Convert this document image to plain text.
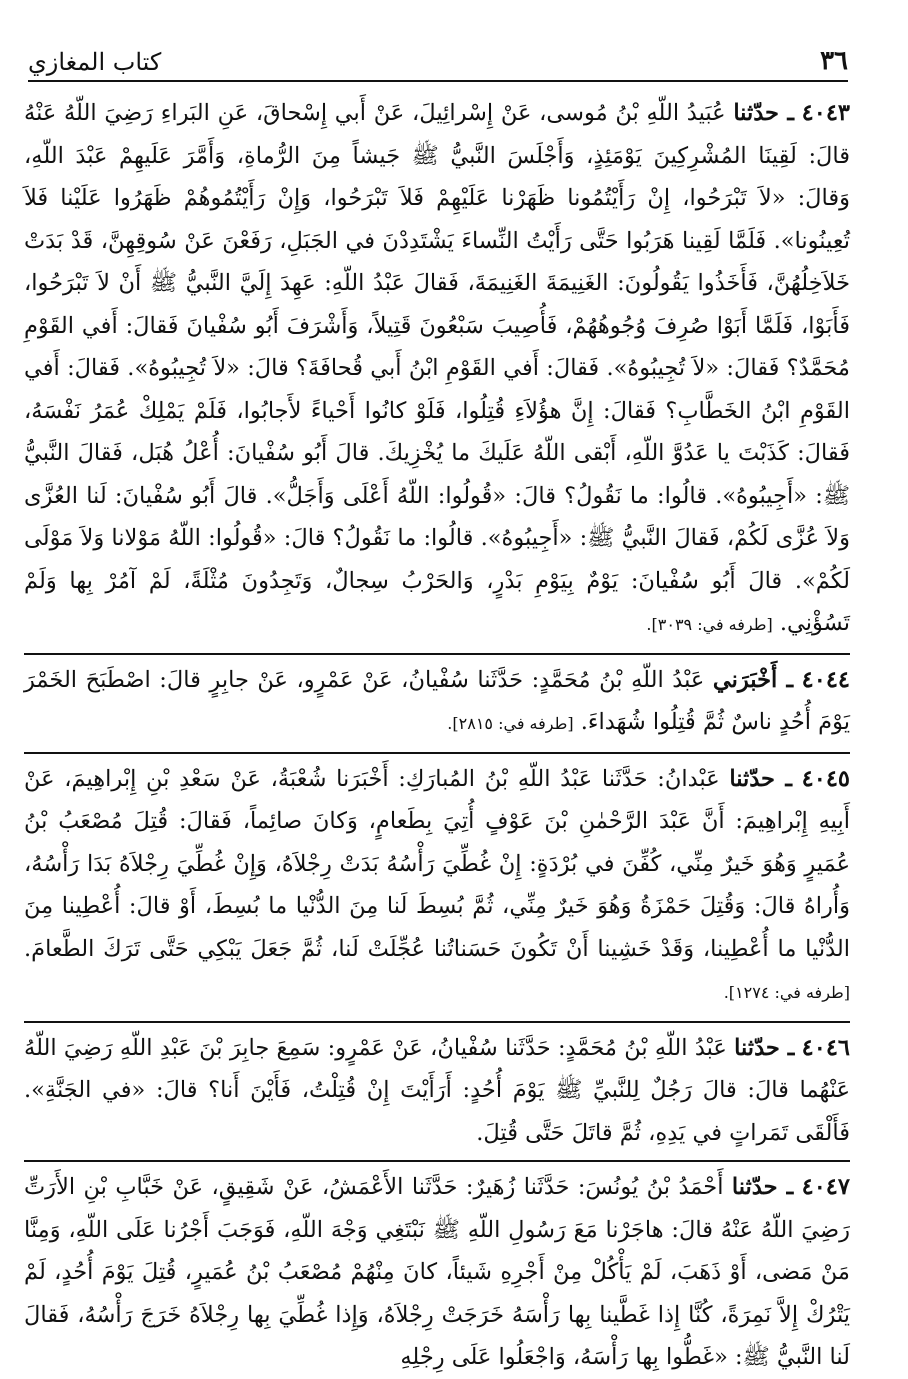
٣٦
كتاب المغازي

٤٠٤٣ ـ حدّثنا عُبَيدُ اللّهِ بْنُ مُوسى، عَنْ إِسْرائِيلَ، عَنْ أَبي إِسْحاقَ، عَنِ البَراءِ رَضِيَ اللّهُ عَنْهُ قالَ: لَقِينَا المُشْرِكِينَ يَوْمَئِذٍ، وَأَجْلَسَ النَّبيُّ ﷺ جَيشاً مِنَ الرُّماةِ، وَأَمَّرَ عَلَيهِمْ عَبْدَ اللّهِ، وَقالَ: «لاَ تَبْرَحُوا، إِنْ رَأَيْتُمُونا ظَهَرْنا عَلَيْهِمْ فَلاَ تَبْرَحُوا، وَإِنْ رَأَيْتُمُوهُمْ ظَهَرُوا عَلَيْنا فَلاَ تُعِينُونا». فَلَمَّا لَقِينا هَرَبُوا حَتَّى رَأَيْتُ النِّساءَ يَشْتَدِدْنَ في الجَبَلِ، رَفَعْنَ عَنْ سُوقِهِنَّ، قَدْ بَدَتْ خَلاَخِلُهُنَّ، فَأَخَذُوا يَقُولُونَ: الغَنِيمَةَ الغَنِيمَةَ، فَقالَ عَبْدُ اللّهِ: عَهِدَ إِلَيَّ النَّبيُّ ﷺ أَنْ لاَ تَبْرَحُوا، فَأَبَوْا، فَلَمَّا أَبَوْا صُرِفَ وُجُوهُهُمْ، فَأُصِيبَ سَبْعُونَ قَتِيلاً، وَأَشْرَفَ أَبُو سُفْيانَ فَقالَ: أَفي القَوْمِ مُحَمَّدٌ؟ فَقالَ: «لاَ تُجِيبُوهُ». فَقالَ: أَفي القَوْمِ ابْنُ أَبي قُحافَةَ؟ قالَ: «لاَ تُجِيبُوهُ». فَقالَ: أَفي القَوْمِ ابْنُ الخَطَّابِ؟ فَقالَ: إِنَّ هؤُلاَءِ قُتِلُوا، فَلَوْ كانُوا أَحْياءً لأَجابُوا، فَلَمْ يَمْلِكْ عُمَرُ نَفْسَهُ، فَقالَ: كَذَبْتَ يا عَدُوَّ اللّهِ، أَبْقى اللّهُ عَلَيكَ ما يُخْزِيكَ. قالَ أَبُو سُفْيانَ: أُعْلُ هُبَل، فَقالَ النَّبيُّ ﷺ: «أَجِيبُوهُ». قالُوا: ما نَقُولُ؟ قالَ: «قُولُوا: اللّهُ أَعْلَى وَأَجَلُّ». قالَ أَبُو سُفْيانَ: لَنا العُزَّى وَلاَ عُزَّى لَكُمْ، فَقالَ النَّبيُّ ﷺ: «أَجِيبُوهُ». قالُوا: ما نَقُولُ؟ قالَ: «قُولُوا: اللّهُ مَوْلانا وَلاَ مَوْلَى لَكُمْ». قالَ أَبُو سُفْيانَ: يَوْمٌ بِيَوْمِ بَدْرٍ، وَالحَرْبُ سِجالٌ، وَتَجِدُونَ مُثْلَةً، لَمْ آمُرْ بِها وَلَمْ تَسُؤْنِي. [طرفه في: ٣٠٣٩].

٤٠٤٤ ـ أَخْبَرَني عَبْدُ اللّهِ بْنُ مُحَمَّدٍ: حَدَّثَنا سُفْيانُ، عَنْ عَمْرٍو، عَنْ جابِرٍ قالَ: اصْطَبَحَ الخَمْرَ يَوْمَ أُحُدٍ ناسٌ ثُمَّ قُتِلُوا شُهَداءَ. [طرفه في: ٢٨١٥].

٤٠٤٥ ـ حدّثنا عَبْدانُ: حَدَّثَنا عَبْدُ اللّهِ بْنُ المُبارَكِ: أَخْبَرَنا شُعْبَةُ، عَنْ سَعْدِ بْنِ إِبْراهِيمَ، عَنْ أَبِيهِ إِبْراهِيمَ: أَنَّ عَبْدَ الرَّحْمٰنِ بْنَ عَوْفٍ أُتِيَ بِطَعامٍ، وَكانَ صائِماً، فَقالَ: قُتِلَ مُصْعَبُ بْنُ عُمَيرٍ وَهُوَ خَيرٌ مِنِّي، كُفِّنَ في بُرْدَةٍ: إِنْ غُطِّيَ رَأْسُهُ بَدَتْ رِجْلاَهُ، وَإِنْ غُطِّيَ رِجْلاَهُ بَدَا رَأْسُهُ، وَأُراهُ قالَ: وَقُتِلَ حَمْزَةُ وَهُوَ خَيرٌ مِنِّي، ثُمَّ بُسِطَ لَنا مِنَ الدُّنْيا ما بُسِطَ، أَوْ قالَ: أُعْطِينا مِنَ الدُّنْيا ما أُعْطِينا، وَقَدْ خَشِينا أَنْ تَكُونَ حَسَناتُنا عُجِّلَتْ لَنا، ثُمَّ جَعَلَ يَبْكِي حَتَّى تَرَكَ الطَّعامَ. [طرفه في: ١٢٧٤].

٤٠٤٦ ـ حدّثنا عَبْدُ اللّهِ بْنُ مُحَمَّدٍ: حَدَّثَنا سُفْيانُ، عَنْ عَمْرٍو: سَمِعَ جابِرَ بْنَ عَبْدِ اللّهِ رَضِيَ اللّهُ عَنْهُما قالَ: قالَ رَجُلٌ لِلنَّبيِّ ﷺ يَوْمَ أُحُدٍ: أَرَأَيْتَ إِنْ قُتِلْتُ، فَأَيْنَ أَنا؟ قالَ: «في الجَنَّةِ». فَأَلْقَى تَمَراتٍ في يَدِهِ، ثُمَّ قاتَلَ حَتَّى قُتِلَ.

٤٠٤٧ ـ حدّثنا أَحْمَدُ بْنُ يُونُسَ: حَدَّثَنا زُهَيرٌ: حَدَّثَنا الأَعْمَشُ، عَنْ شَقِيقٍ، عَنْ خَبَّابِ بْنِ الأَرَتِّ رَضِيَ اللّهُ عَنْهُ قالَ: هاجَرْنا مَعَ رَسُولِ اللّهِ ﷺ نَبْتَغِي وَجْهَ اللّهِ، فَوَجَبَ أَجْرُنا عَلَى اللّهِ، وَمِنَّا مَنْ مَضى، أَوْ ذَهَبَ، لَمْ يَأْكُلْ مِنْ أَجْرِهِ شَيئاً، كانَ مِنْهُمْ مُصْعَبُ بْنُ عُمَيرٍ، قُتِلَ يَوْمَ أُحُدٍ، لَمْ يَتْرُكْ إِلاَّ نَمِرَةً، كُنَّا إِذا غَطَّينا بِها رَأْسَهُ خَرَجَتْ رِجْلاَهُ، وَإِذا غُطِّيَ بِها رِجْلاَهُ خَرَجَ رَأْسُهُ، فَقالَ لَنا النَّبيُّ ﷺ: «غَطُّوا بِها رَأْسَهُ، وَاجْعَلُوا عَلَى رِجْلِهِ
